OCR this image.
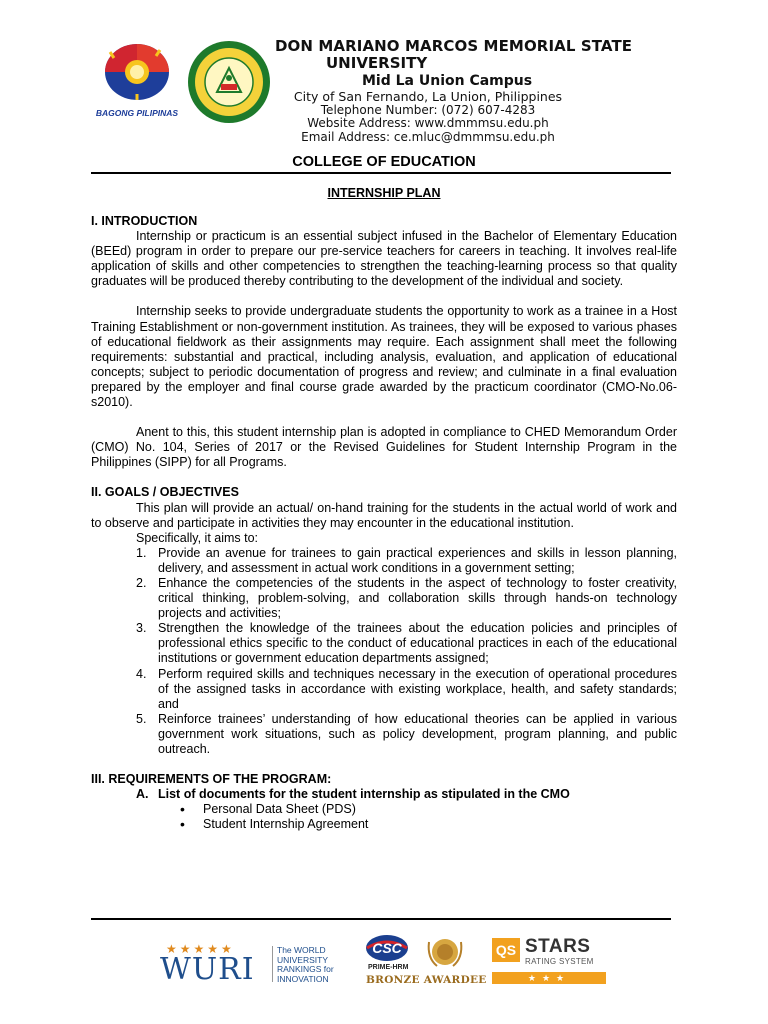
BAGONG PILIPINAS
DON MARIANO MARCOS MEMORIAL STATE
UNIVERSITY
Mid La Union Campus
City of San Fernando, La Union, Philippines
Telephone Number: (072) 607-4283
Website Address: www.dmmmsu.edu.ph
Email Address: ce.mluc@dmmmsu.edu.ph
COLLEGE OF EDUCATION
INTERNSHIP PLAN

I. INTRODUCTION

Internship or practicum is an essential subject infused in the Bachelor of Elementary Education (BEEd) program in order to prepare our pre-service teachers for careers in teaching. It involves real-life application of skills and other competencies to strengthen the teaching-learning process so that quality graduates will be produced thereby contributing to the development of the individual and society.

Internship seeks to provide undergraduate students the opportunity to work as a trainee in a Host Training Establishment or non-government institution. As trainees, they will be exposed to various phases of educational fieldwork as their assignments may require. Each assignment shall meet the following requirements: substantial and practical, including analysis, evaluation, and application of educational concepts; subject to periodic documentation of progress and review; and culminate in a final evaluation prepared by the employer and final course grade awarded by the practicum coordinator (CMO-No.06-s2010).

Anent to this, this student internship plan is adopted in compliance to CHED Memorandum Order (CMO) No. 104, Series of 2017 or the Revised Guidelines for Student Internship Program in the Philippines (SIPP) for all Programs.

II. GOALS / OBJECTIVES

This plan will provide an actual/ on-hand training for the students in the actual world of work and to observe and participate in activities they may encounter in the educational institution.

Specifically, it aims to:

1. Provide an avenue for trainees to gain practical experiences and skills in lesson planning, delivery, and assessment in actual work conditions in a government setting;
2. Enhance the competencies of the students in the aspect of technology to foster creativity, critical thinking, problem-solving, and collaboration skills through hands-on technology projects and activities;
3. Strengthen the knowledge of the trainees about the education policies and principles of professional ethics specific to the conduct of educational practices in each of the educational institutions or government education departments assigned;
4. Perform required skills and techniques necessary in the execution of operational procedures of the assigned tasks in accordance with existing workplace, health, and safety standards; and
5. Reinforce trainees’ understanding of how educational theories can be applied in various government work situations, such as policy development, program planning, and public outreach.

III. REQUIREMENTS OF THE PROGRAM:

A. List of documents for the student internship as stipulated in the CMO
• Personal Data Sheet (PDS)
• Student Internship Agreement
★★★★★
WURI
The WORLD UNIVERSITY RANKINGS for INNOVATION
CSC
PRIME-HRM
BRONZE AWARDEE
QS STARS
RATING SYSTEM
★★★
